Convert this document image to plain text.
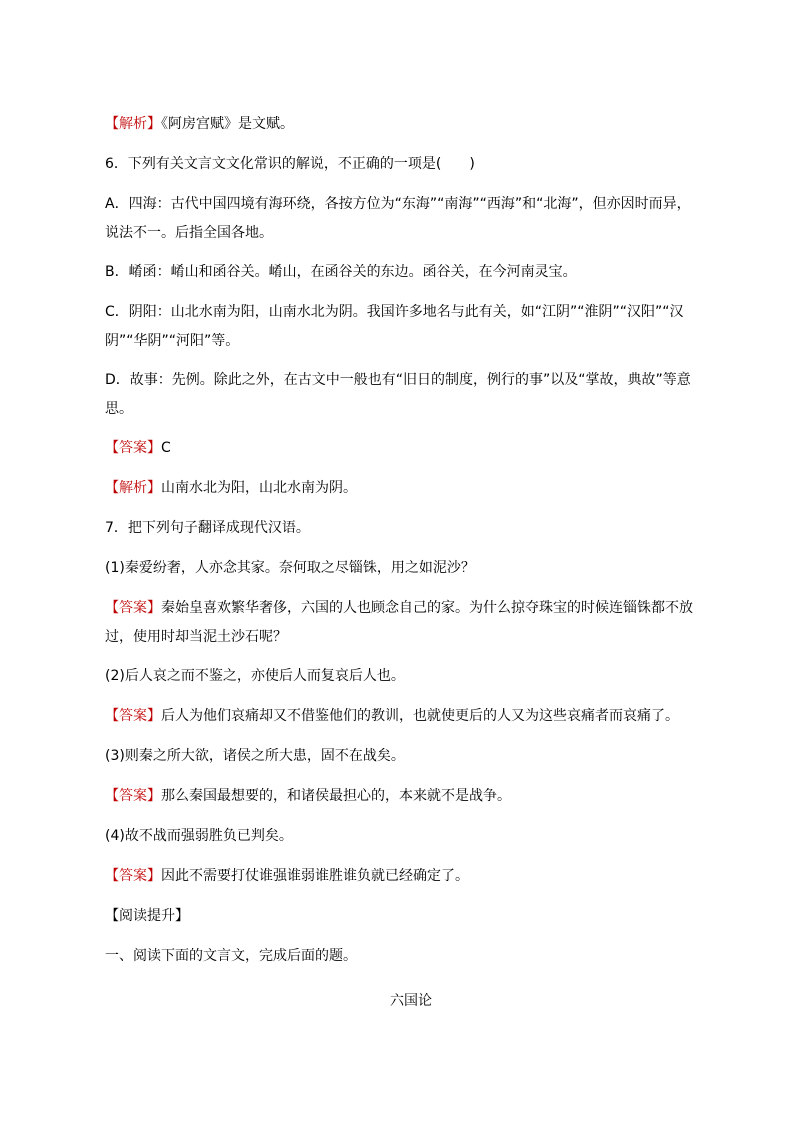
【解析】《阿房宫赋》是文赋。

6．下列有关文言文文化常识的解说，不正确的一项是(　　)

A．四海：古代中国四境有海环绕，各按方位为“东海”“南海”“西海”和“北海”，但亦因时而异，说法不一。后指全国各地。

B．崤函：崤山和函谷关。崤山，在函谷关的东边。函谷关，在今河南灵宝。

C．阴阳：山北水南为阳，山南水北为阴。我国许多地名与此有关，如“江阴”“淮阴”“汉阳”“汉阴”“华阴”“河阳”等。

D．故事：先例。除此之外，在古文中一般也有“旧日的制度，例行的事”以及“掌故，典故”等意思。

【答案】C

【解析】山南水北为阳，山北水南为阴。

7．把下列句子翻译成现代汉语。

(1)秦爱纷奢，人亦念其家。奈何取之尽锱铢，用之如泥沙？

【答案】秦始皇喜欢繁华奢侈，六国的人也顾念自己的家。为什么掠夺珠宝的时候连锱铢都不放过，使用时却当泥土沙石呢？

(2)后人哀之而不鉴之，亦使后人而复哀后人也。

【答案】后人为他们哀痛却又不借鉴他们的教训，也就使更后的人又为这些哀痛者而哀痛了。

(3)则秦之所大欲，诸侯之所大患，固不在战矣。

【答案】那么秦国最想要的，和诸侯最担心的，本来就不是战争。

(4)故不战而强弱胜负已判矣。

【答案】因此不需要打仗谁强谁弱谁胜谁负就已经确定了。

【阅读提升】

一、阅读下面的文言文，完成后面的题。

六国论
